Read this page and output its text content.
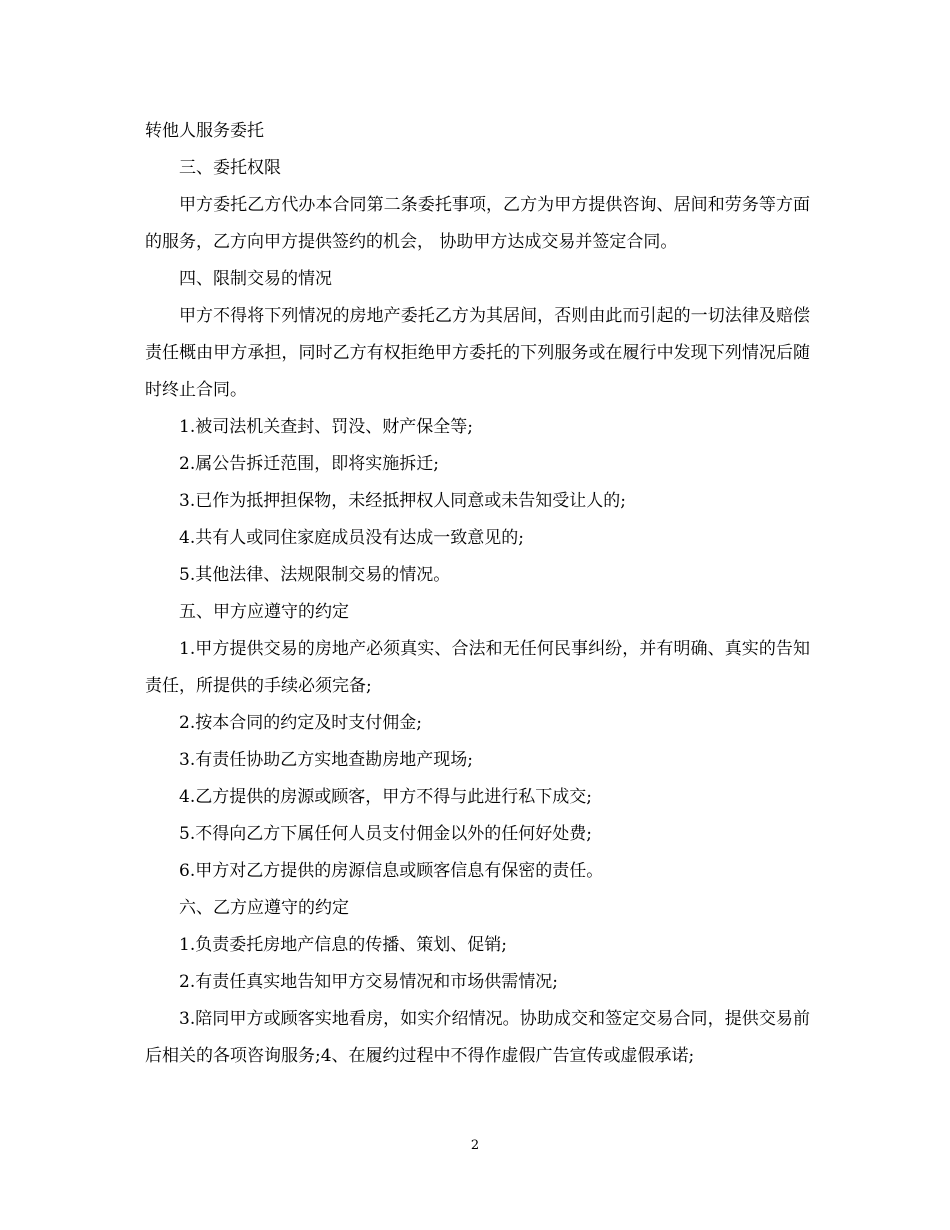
转他人服务委托

三、委托权限

甲方委托乙方代办本合同第二条委托事项，乙方为甲方提供咨询、居间和劳务等方面的服务，乙方向甲方提供签约的机会， 协助甲方达成交易并签定合同。

四、限制交易的情况

甲方不得将下列情况的房地产委托乙方为其居间，否则由此而引起的一切法律及赔偿责任概由甲方承担，同时乙方有权拒绝甲方委托的下列服务或在履行中发现下列情况后随时终止合同。

1.被司法机关查封、罚没、财产保全等;

2.属公告拆迁范围，即将实施拆迁;

3.已作为抵押担保物，未经抵押权人同意或未告知受让人的;

4.共有人或同住家庭成员没有达成一致意见的;

5.其他法律、法规限制交易的情况。

五、甲方应遵守的约定

1.甲方提供交易的房地产必须真实、合法和无任何民事纠纷，并有明确、真实的告知责任，所提供的手续必须完备;

2.按本合同的约定及时支付佣金;

3.有责任协助乙方实地查勘房地产现场;

4.乙方提供的房源或顾客，甲方不得与此进行私下成交;

5.不得向乙方下属任何人员支付佣金以外的任何好处费;

6.甲方对乙方提供的房源信息或顾客信息有保密的责任。

六、乙方应遵守的约定

1.负责委托房地产信息的传播、策划、促销;

2.有责任真实地告知甲方交易情况和市场供需情况;

3.陪同甲方或顾客实地看房，如实介绍情况。协助成交和签定交易合同，提供交易前后相关的各项咨询服务;4、在履约过程中不得作虚假广告宣传或虚假承诺;

2
